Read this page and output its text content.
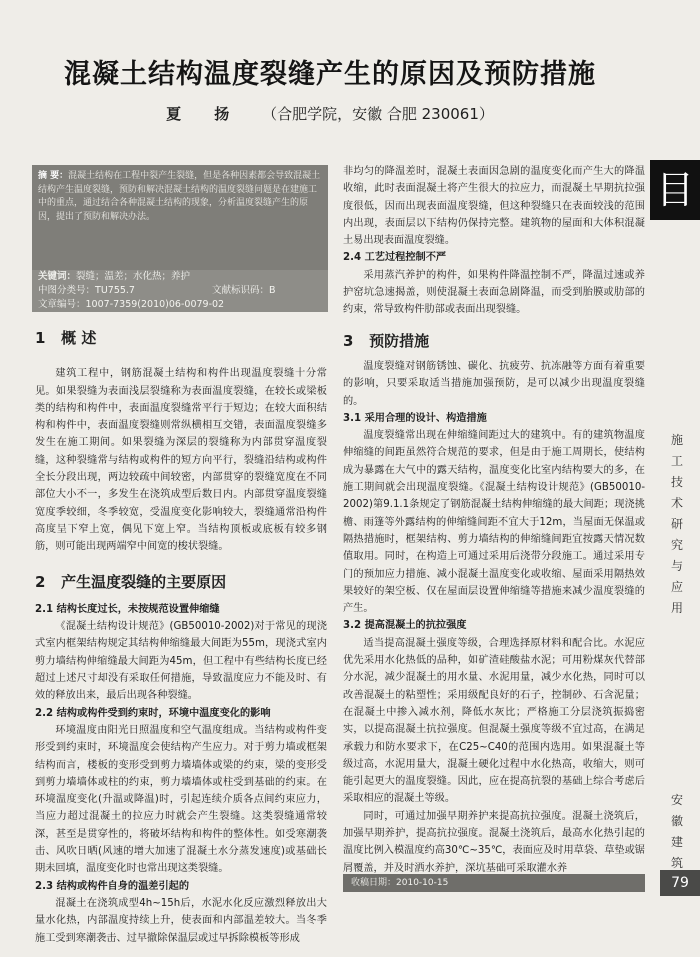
混凝土结构温度裂缝产生的原因及预防措施
夏 扬 （合肥学院，安徽 合肥 230061）
摘 要：混凝土结构在工程中裂产生裂缝，但是各种因素都会导致混凝土结构产生温度裂缝，预防和解决混凝土结构的温度裂缝问题是在建施工中的重点，通过结合各种混凝土结构的现象，分析温度裂缝产生的原因，提出了预防和解决办法。
关键词：裂缝；温差；水化热；养护
中图分类号：TU755.7	文献标识码：B
文章编号：1007-7359(2010)06-0079-02
1 概 述

建筑工程中，钢筋混凝土结构和构件出现温度裂缝十分常见。如果裂缝为表面浅层裂缝称为表面温度裂缝，在较长或梁板类的结构和构件中，表面温度裂缝常平行于短边；在较大面积结构和构件中，表面温度裂缝则常纵横相互交错，表面温度裂缝多发生在施工期间。如果裂缝为深层的裂缝称为内部贯穿温度裂缝，这种裂缝常与结构或构件的短方向平行，裂缝沿结构或构件全长分段出现，两边较疏中间较密，内部贯穿的裂缝宽度在不同部位大小不一，多发生在浇筑成型后数日内。内部贯穿温度裂缝宽度季较细，冬季较宽，受温度变化影响较大，裂缝通常沿构件高度呈下窄上宽，偶见下宽上窄。当结构顶板或底板有较多钢筋，则可能出现两端窄中间宽的梭状裂缝。

2 产生温度裂缝的主要原因
2.1 结构长度过长，未按规范设置伸缩缝

《混凝土结构设计规范》(GB50010-2002)对于常见的现浇式室内框架结构规定其结构伸缩缝最大间距为55m，现浇式室内剪力墙结构伸缩缝最大间距为45m，但工程中有些结构长度已经超过上述尺寸却没有采取任何措施，导致温度应力不能及时、有效的释放出来，最后出现各种裂缝。

2.2 结构或构件受到约束时，环境中温度变化的影响

环境温度由阳光日照温度和空气温度组成。当结构或构件变形受到约束时，环境温度会使结构产生应力。对于剪力墙或框架结构而言，楼板的变形受到剪力墙墙体或梁的约束，梁的变形受到剪力墙墙体或柱的约束，剪力墙墙体或柱受到基础的约束。在环境温度变化(升温或降温)时，引起连续介质各点间约束应力，当应力超过混凝土的拉应力时就会产生裂缝。这类裂缝通常较深，甚至是贯穿性的，将破坏结构和构件的整体性。如受寒潮袭击、风吹日晒(风速的增大加速了混凝土水分蒸发速度)或基础长期未回填，温度变化时也常出现这类裂缝。

2.3 结构或构件自身的温差引起的

混凝土在浇筑成型4h~15h后，水泥水化反应激烈释放出大量水化热，内部温度持续上升，使表面和内部温差较大。当冬季施工受到寒潮袭击、过早撤除保温层或过早拆除模板等形成

非均匀的降温差时，混凝土表面因急剧的温度变化而产生大的降温收缩，此时表面混凝土将产生很大的拉应力，而混凝土早期抗拉强度很低，因而出现表面温度裂缝，但这种裂缝只在表面较浅的范围内出现，表面层以下结构仍保持完整。建筑物的屋面和大体积混凝土易出现表面温度裂缝。

2.4 工艺过程控制不严

采用蒸汽养护的构件，如果构件降温控制不严，降温过速或养护窑坑急速揭盖，则使混凝土表面急剧降温，而受到胎膜或肋部的约束，常导致构件肋部或表面出现裂缝。

3 预防措施

温度裂缝对钢筋锈蚀、碳化、抗疲劳、抗冻融等方面有着重要的影响，只要采取适当措施加强预防，是可以减少出现温度裂缝的。

3.1 采用合理的设计、构造措施

温度裂缝常出现在伸缩缝间距过大的建筑中。有的建筑物温度伸缩缝的间距虽然符合规范的要求，但是由于施工周期长，使结构成为暴露在大气中的露天结构，温度变化比室内结构要大的多，在施工期间就会出现温度裂缝。《混凝土结构设计规范》(GB50010-2002)第9.1.1条规定了钢筋混凝土结构伸缩缝的最大间距；现浇挑檐、雨篷等外露结构的伸缩缝间距不宜大于12m，当屋面无保温或隔热措施时，框架结构、剪力墙结构的伸缩缝间距宜按露天情况数值取用。同时，在构造上可通过采用后浇带分段施工。通过采用专门的预加应力措施、减小混凝土温度变化或收缩、屋面采用隔热效果较好的架空板、仅在屋面层设置伸缩缝等措施来减少温度裂缝的产生。

3.2 提高混凝土的抗拉强度

适当提高混凝土强度等级，合理选择原材料和配合比。水泥应优先采用水化热低的品种，如矿渣硅酸盐水泥；可用粉煤灰代替部分水泥，减少混凝土的用水量、水泥用量，减少水化热，同时可以改善混凝土的粘塑性；采用级配良好的石子，控制砂、石含泥量；在混凝土中掺入减水剂，降低水灰比；严格施工分层浇筑振捣密实，以提高混凝土抗拉强度。但混凝土强度等级不宜过高，在满足承载力和防水要求下，在C25~C40的范围内选用。如果混凝土等级过高，水泥用量大，混凝土硬化过程中水化热高，收缩大，则可能引起更大的温度裂缝。因此，应在提高抗裂的基础上综合考虑后采取相应的混凝土等级。

同时，可通过加强早期养护来提高抗拉强度。混凝土浇筑后，加强早期养护，提高抗拉强度。混凝土浇筑后，最高水化热引起的温度比例入模温度约高30℃~35℃，表面应及时用草袋、草垫或锯屑覆盖，并及时洒水养护，深坑基础可采取灌水养

目
施工技术研究与应用
安徽建筑
收稿日期：2010-10-15	79
